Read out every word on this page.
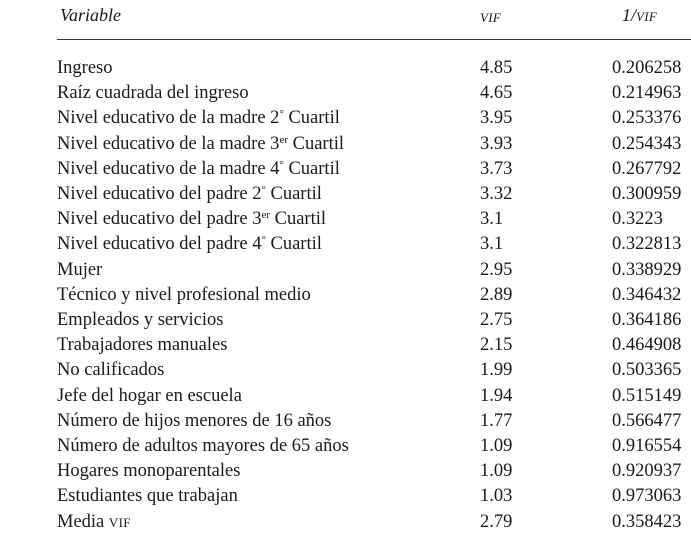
Variable	VIF	1/VIF
Ingreso	4.85	0.206258
Raíz cuadrada del ingreso	4.65	0.214963
Nivel educativo de la madre 2° Cuartil	3.95	0.253376
Nivel educativo de la madre 3er Cuartil	3.93	0.254343
Nivel educativo de la madre 4° Cuartil	3.73	0.267792
Nivel educativo del padre 2° Cuartil	3.32	0.300959
Nivel educativo del padre 3er Cuartil	3.1	0.3223
Nivel educativo del padre 4° Cuartil	3.1	0.322813
Mujer	2.95	0.338929
Técnico y nivel profesional medio	2.89	0.346432
Empleados y servicios	2.75	0.364186
Trabajadores manuales	2.15	0.464908
No calificados	1.99	0.503365
Jefe del hogar en escuela	1.94	0.515149
Número de hijos menores de 16 años	1.77	0.566477
Número de adultos mayores de 65 años	1.09	0.916554
Hogares monoparentales	1.09	0.920937
Estudiantes que trabajan	1.03	0.973063
Media VIF	2.79	0.358423
